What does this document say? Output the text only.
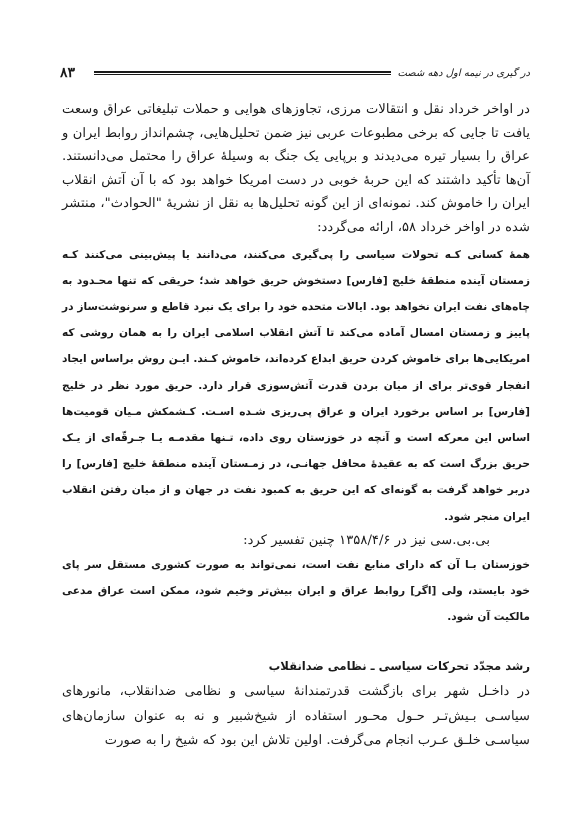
۸۳	در گیری در نیمه اول دهه شصت

در اواخر خرداد نقل و انتقالات مرزی، تجاوزهای هوایی و حملات تبلیغاتی عراق وسعت یافت تا جایی که برخی مطبوعات عربی نیز ضمن تحلیل‌هایی، چشم‌انداز روابط ایران و عراق را بسیار تیره می‌دیدند و برپایی یک جنگ به وسیلهٔ عراق را محتمل می‌دانستند. آن‌ها تأکید داشتند که این حربهٔ خوبی در دست امریکا خواهد بود که با آن آتش انقلاب ایران را خاموش کند. نمونه‌ای از این گونه تحلیل‌ها به نقل از نشریهٔ "الحوادث"، منتشر شده در اواخر خرداد ۵۸، ارائه می‌گردد:

همهٔ کسانی کـه تحولات سیاسی را پی‌گیری می‌کنند، می‌دانند یا پیش‌بینی می‌کنند کـه زمستان آینده منطقهٔ خلیج [فارس] دستخوش حریق خواهد شد؛ حریقی که تنها محـدود به چاه‌های نفت ایران نخواهد بود. ایالات متحده خود را برای یک نبرد قاطع و سرنوشت‌ساز در پاییز و زمستان امسال آماده می‌کند تا آتش انقلاب اسلامی ایران را به همان روشی که امریکایی‌ها برای خاموش کردن حریق ابداع کرده‌اند، خاموش کـند. ایـن روش براساس ایجاد انفجار قوی‌تر برای از میان بردن قدرت آتش‌سوزی قرار دارد. حریق مورد نظر در خلیج [فارس] بر اساس برخورد ایران و عراق پی‌ریزی شـده اسـت. کـشمکش مـیان قومیت‌ها اساس این معرکه است و آنچه در خوزستان روی داده، تـنها مقدمـه یـا جـرقّه‌ای از یـک حریق بزرگ است که به عقیدهٔ محافل جهانـی، در زمـستان آینده منطقهٔ خلیج [فارس] را دربر خواهد گرفت به گونه‌ای که این حریق به کمبود نفت در جهان و از میان رفتن انقلاب ایران منجر شود.

بی.بی.سی نیز در ۱۳۵۸/۴/۶ چنین تفسیر کرد:

خوزستان بـا آن که دارای منابع نفت است، نمی‌تواند به صورت کشوری مستقل سر پای خود بایستد، ولی [اگر] روابط عراق و ایران بیش‌تر وخیم شود، ممکن است عراق مدعی مالکیت آن شود.

رشد مجدّد تحرکات سیاسی ـ نظامی ضدانقلاب

در داخـل شهر برای بازگشت قدرتمندانهٔ سیاسی و نظامی ضدانقلاب، مانورهای سیاسـی بـیش‌تـر حـول محـور استفاده از شیخ‌شبیر و نه به عنوان سازمان‌های سیاسـی خلـق عـرب انجام می‌گرفت. اولین تلاش این بود که شیخ را به صورت
